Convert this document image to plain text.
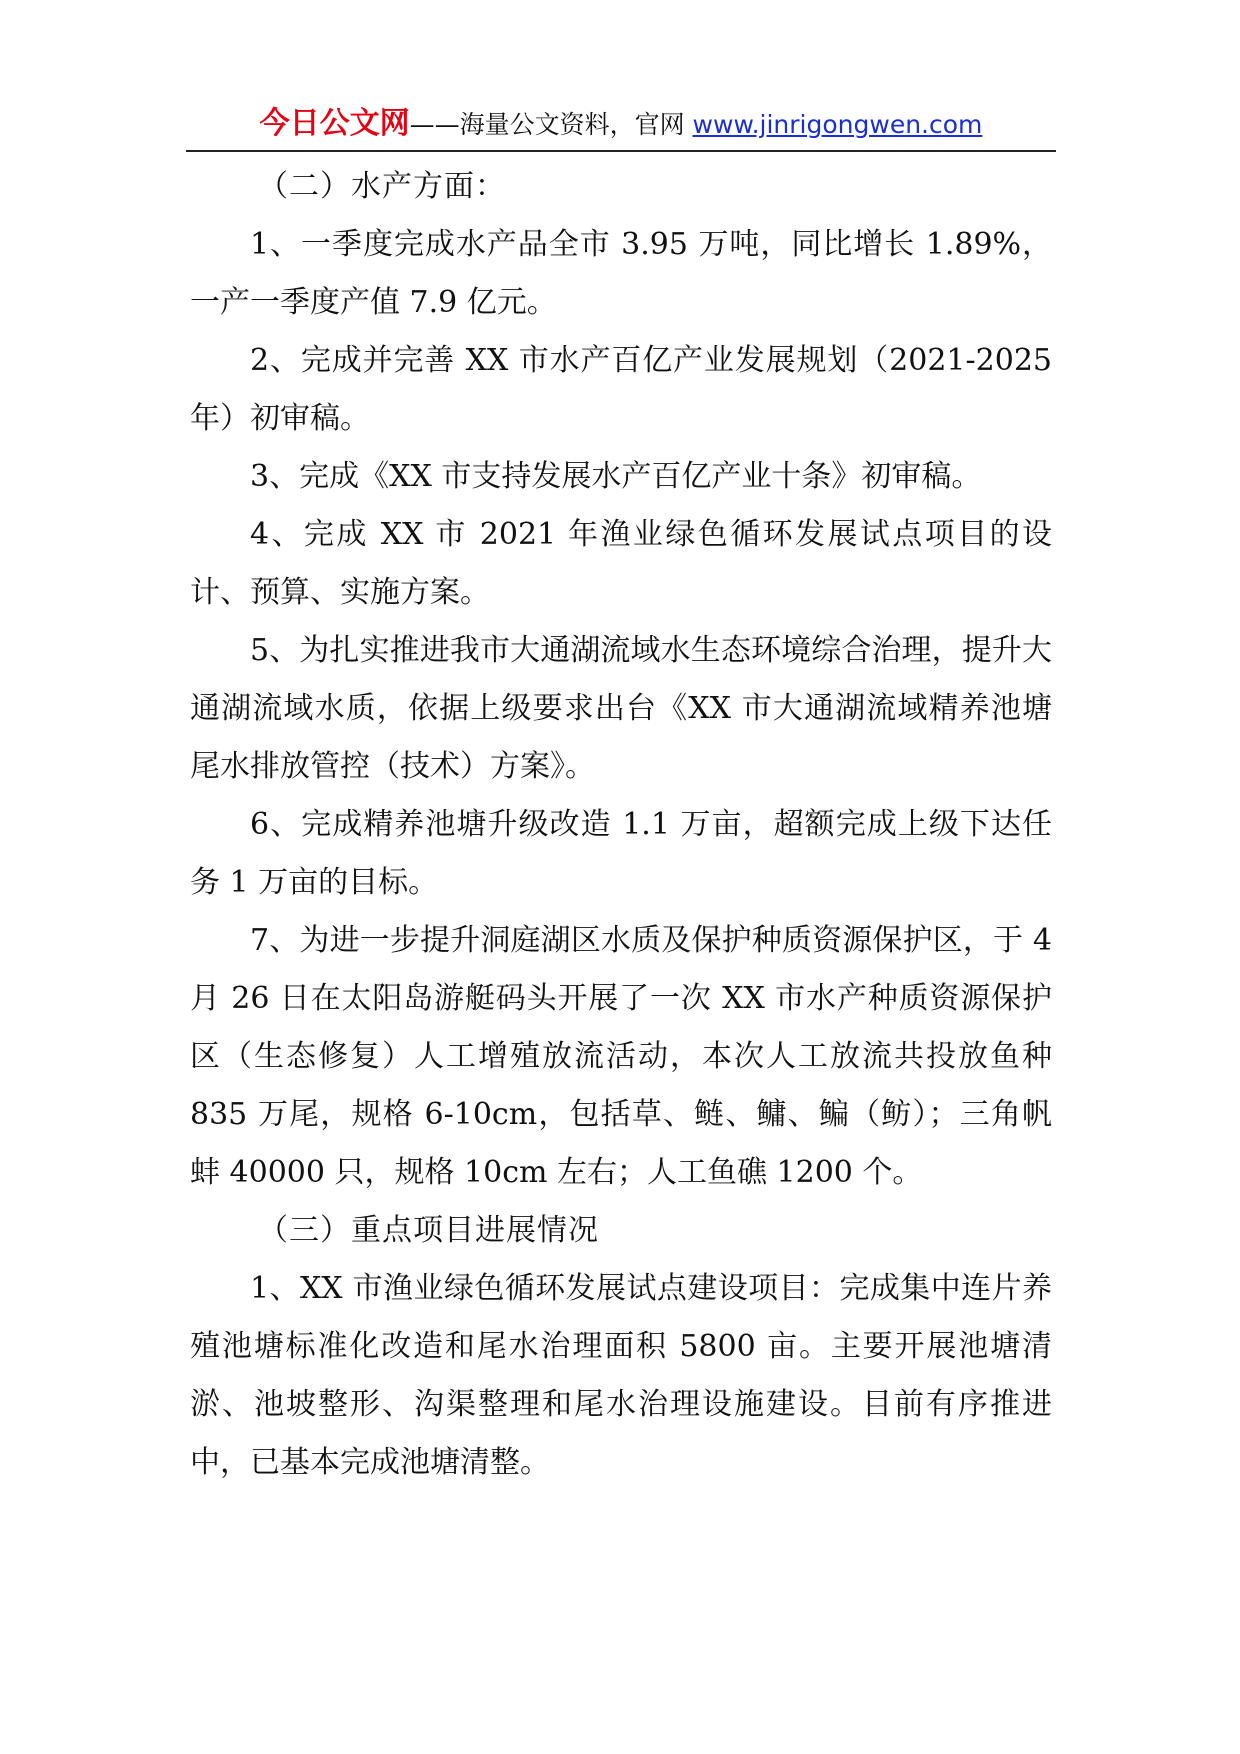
今日公文网——海量公文资料，官网 www.jinrigongwen.com
（二）水产方面：

1、一季度完成水产品全市 3.95 万吨，同比增长 1.89%，一产一季度产值 7.9 亿元。

2、完成并完善 XX 市水产百亿产业发展规划（2021-2025 年）初审稿。

3、完成《XX 市支持发展水产百亿产业十条》初审稿。

4、完成 XX 市 2021 年渔业绿色循环发展试点项目的设计、预算、实施方案。

5、为扎实推进我市大通湖流域水生态环境综合治理，提升大通湖流域水质，依据上级要求出台《XX 市大通湖流域精养池塘尾水排放管控（技术）方案》。

6、完成精养池塘升级改造 1.1 万亩，超额完成上级下达任务 1 万亩的目标。

7、为进一步提升洞庭湖区水质及保护种质资源保护区，于 4 月 26 日在太阳岛游艇码头开展了一次 XX 市水产种质资源保护区（生态修复）人工增殖放流活动，本次人工放流共投放鱼种 835 万尾，规格 6-10cm，包括草、鲢、鳙、鳊（鲂）；三角帆蚌 40000 只，规格 10cm 左右；人工鱼礁 1200 个。

（三）重点项目进展情况

1、XX 市渔业绿色循环发展试点建设项目：完成集中连片养殖池塘标准化改造和尾水治理面积 5800 亩。主要开展池塘清淤、池坡整形、沟渠整理和尾水治理设施建设。目前有序推进中，已基本完成池塘清整。
